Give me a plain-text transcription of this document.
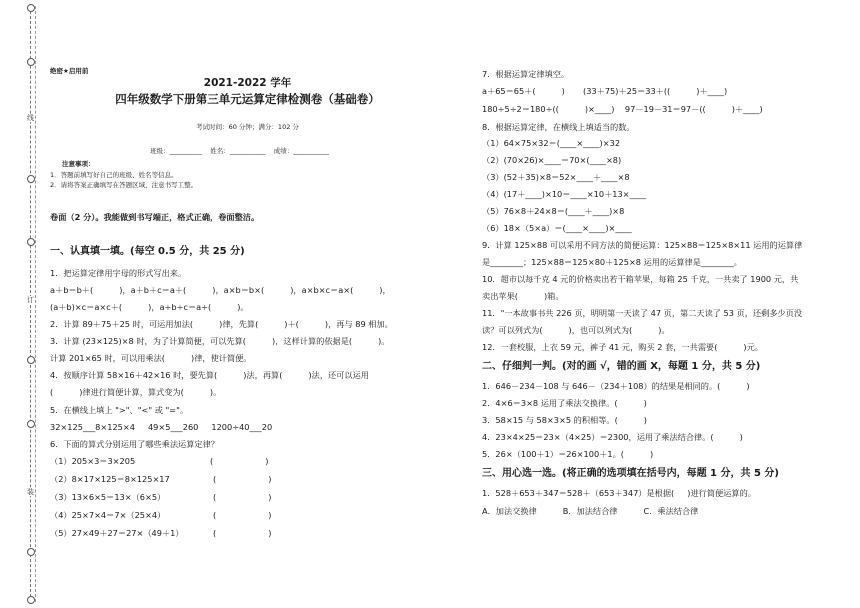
线
订
装
绝密★启用前
2021-2022 学年
四年级数学下册第三单元运算定律检测卷（基础卷）
考试时间：60 分钟；满分：102 分
班级：__________    姓名：___________    成绩：___________
注意事项：
1．答题前填写好自己的班级、姓名等信息。
2．请将答案正确填写在答题区域，注意书写工整。
卷面（2 分）。我能做到书写端正，格式正确，卷面整洁。
一、认真填一填。(每空 0.5 分，共 25 分)
1．把运算定律用字母的形式写出来。
a＋b＝b＋(          )，a＋b＋c＝a＋(          )，a×b＝b×(          )，a×b×c＝a×(          )，
(a＋b)×c＝a×c＋(          )，a÷b÷c＝a÷(          )。
2．计算 89＋75＋25 时，可运用加法(          )律，先算(          )＋(          )，再与 89 相加。
3．计算 (23×125)×8 时，为了计算简便，可以先算(          )，这样计算的依据是(          )。
计算 201×65 时，可以用乘法(          )律，使计简便。
4．按顺序计算 58×16＋42×16 时，要先算(          )法，再算(          )法，还可以运用
(          )律进行简便计算，算式变为(          )。
5．在横线上填上 ">"、"<" 或 "="。
32×125___8×125×4     49×5___260     1200÷40___20
6．下面的算式分别运用了哪些乘法运算定律？
（1）205×3＝3×205	(                    )
（2）8×17×125＝8×125×17	(                    )
（3）13×6×5＝13×（6×5）	(                    )
（4）25×7×4＝7×（25×4）	(                    )
（5）27×49＋27＝27×（49＋1）	(                    )
7．根据运算定律填空。
a＋65＝65＋(          )       (33＋75)＋25＝33＋((          )＋____)
180÷5÷2＝180÷((          )×____)    97－19－31＝97－((          )＋____)
8．根据运算定律，在横线上填适当的数。
（1）64×75×32＝(____×____)×32
（2）(70×26)×____＝70×(____×8)
（3）(52＋35)×8＝52×____＋____×8
（4）(17＋____)×10＝____×10＋13×____
（5）76×8＋24×8＝(____＋____)×8
（6）18×（5×a）＝(____×____)×____
9．计算 125×88 可以采用不同方法的简便运算：125×88＝125×8×11 运用的运算律
是________；125×88＝125×80＋125×8 运用的运算律是________。
10．超市以每千克 4 元的价格卖出若干箱苹果，每箱 25 千克，一共卖了 1900 元，共
卖出苹果(          )箱。
11．"一本故事书共 226 页，明明第一天读了 47 页，第二天读了 53 页，还剩多少页没
读？可以列式为(          )，也可以列式为(          )。
12．一套校服，上衣 59 元，裤子 41 元，购买 2 套，一共需要(          )元。
二、仔细判一判。(对的画 √，错的画 X，每题 1 分，共 5 分)
1．646－234－108 与 646－（234＋108）的结果是相同的。(          )
2．4×6＝3×8 运用了乘法交换律。(          )
3．58×15 与 58×3×5 的积相等。(          )
4．23×4×25＝23×（4×25）＝2300，运用了乘法结合律。(          )
5．26×（100＋1）＝26×100＋1。(          )
三、用心选一选。(将正确的选项填在括号内，每题 1 分，共 5 分)
1．528＋653＋347＝528＋（653＋347）是根据(     )进行简便运算的。
A．加法交换律          B．加法结合律          C．乘法结合律
